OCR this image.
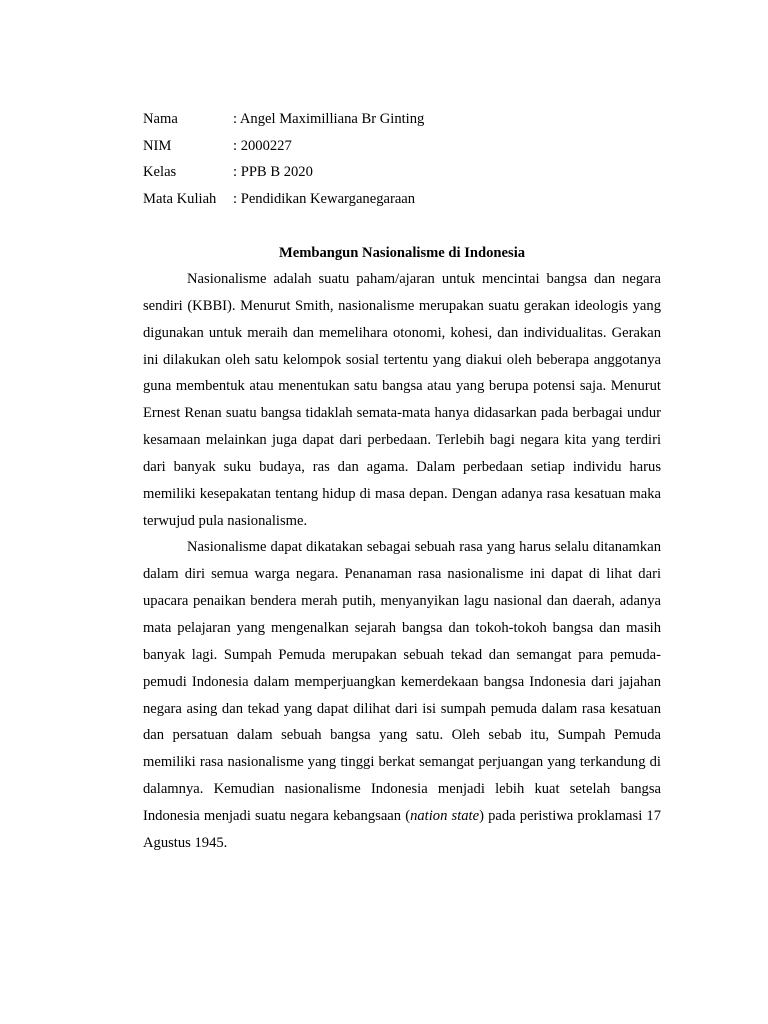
Nama	: Angel Maximilliana Br Ginting
NIM	: 2000227
Kelas	: PPB B 2020
Mata Kuliah	: Pendidikan Kewarganegaraan
Membangun Nasionalisme di Indonesia

Nasionalisme adalah suatu paham/ajaran untuk mencintai bangsa dan negara sendiri (KBBI). Menurut Smith, nasionalisme merupakan suatu gerakan ideologis yang digunakan untuk meraih dan memelihara otonomi, kohesi, dan individualitas. Gerakan ini dilakukan oleh satu kelompok sosial tertentu yang diakui oleh beberapa anggotanya guna membentuk atau menentukan satu bangsa atau yang berupa potensi saja. Menurut Ernest Renan suatu bangsa tidaklah semata-mata hanya didasarkan pada berbagai undur kesamaan melainkan juga dapat dari perbedaan. Terlebih bagi negara kita yang terdiri dari banyak suku budaya, ras dan agama. Dalam perbedaan setiap individu harus memiliki kesepakatan tentang hidup di masa depan. Dengan adanya rasa kesatuan maka terwujud pula nasionalisme.

Nasionalisme dapat dikatakan sebagai sebuah rasa yang harus selalu ditanamkan dalam diri semua warga negara. Penanaman rasa nasionalisme ini dapat di lihat dari upacara penaikan bendera merah putih, menyanyikan lagu nasional dan daerah, adanya mata pelajaran yang mengenalkan sejarah bangsa dan tokoh-tokoh bangsa dan masih banyak lagi. Sumpah Pemuda merupakan sebuah tekad dan semangat para pemuda-pemudi Indonesia dalam memperjuangkan kemerdekaan bangsa Indonesia dari jajahan negara asing dan tekad yang dapat dilihat dari isi sumpah pemuda dalam rasa kesatuan dan persatuan dalam sebuah bangsa yang satu. Oleh sebab itu, Sumpah Pemuda memiliki rasa nasionalisme yang tinggi berkat semangat perjuangan yang terkandung di dalamnya. Kemudian nasionalisme Indonesia menjadi lebih kuat setelah bangsa Indonesia menjadi suatu negara kebangsaan (nation state) pada peristiwa proklamasi 17 Agustus 1945.
